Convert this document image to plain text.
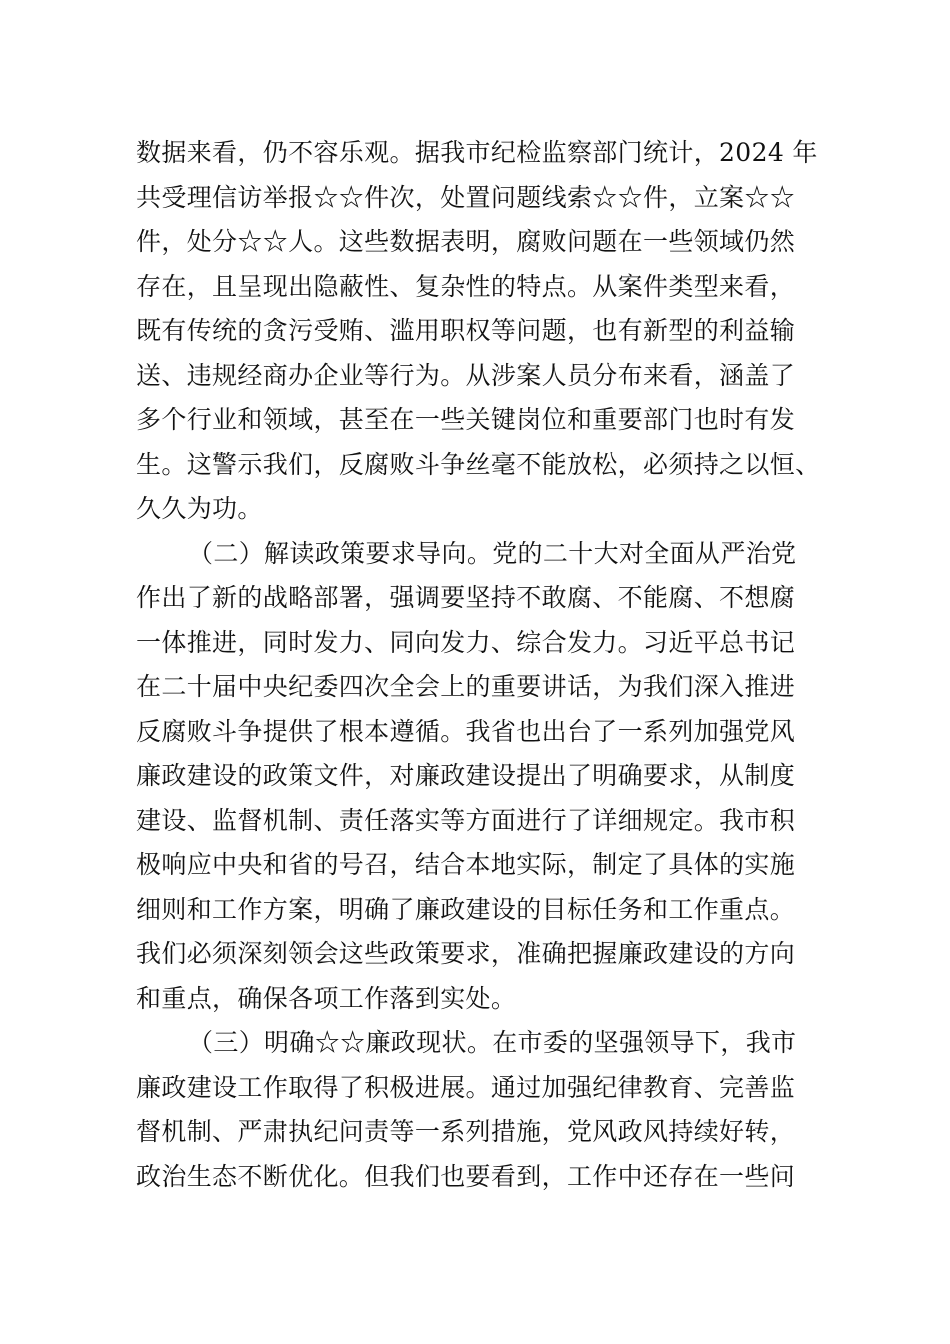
数据来看，仍不容乐观。据我市纪检监察部门统计，2024 年
共受理信访举报☆☆件次，处置问题线索☆☆件，立案☆☆
件，处分☆☆人。这些数据表明，腐败问题在一些领域仍然
存在，且呈现出隐蔽性、复杂性的特点。从案件类型来看，
既有传统的贪污受贿、滥用职权等问题，也有新型的利益输
送、违规经商办企业等行为。从涉案人员分布来看，涵盖了
多个行业和领域，甚至在一些关键岗位和重要部门也时有发
生。这警示我们，反腐败斗争丝毫不能放松，必须持之以恒、
久久为功。
（二）解读政策要求导向。党的二十大对全面从严治党
作出了新的战略部署，强调要坚持不敢腐、不能腐、不想腐
一体推进，同时发力、同向发力、综合发力。习近平总书记
在二十届中央纪委四次全会上的重要讲话，为我们深入推进
反腐败斗争提供了根本遵循。我省也出台了一系列加强党风
廉政建设的政策文件，对廉政建设提出了明确要求，从制度
建设、监督机制、责任落实等方面进行了详细规定。我市积
极响应中央和省的号召，结合本地实际，制定了具体的实施
细则和工作方案，明确了廉政建设的目标任务和工作重点。
我们必须深刻领会这些政策要求，准确把握廉政建设的方向
和重点，确保各项工作落到实处。
（三）明确☆☆廉政现状。在市委的坚强领导下，我市
廉政建设工作取得了积极进展。通过加强纪律教育、完善监
督机制、严肃执纪问责等一系列措施，党风政风持续好转，
政治生态不断优化。但我们也要看到，工作中还存在一些问
